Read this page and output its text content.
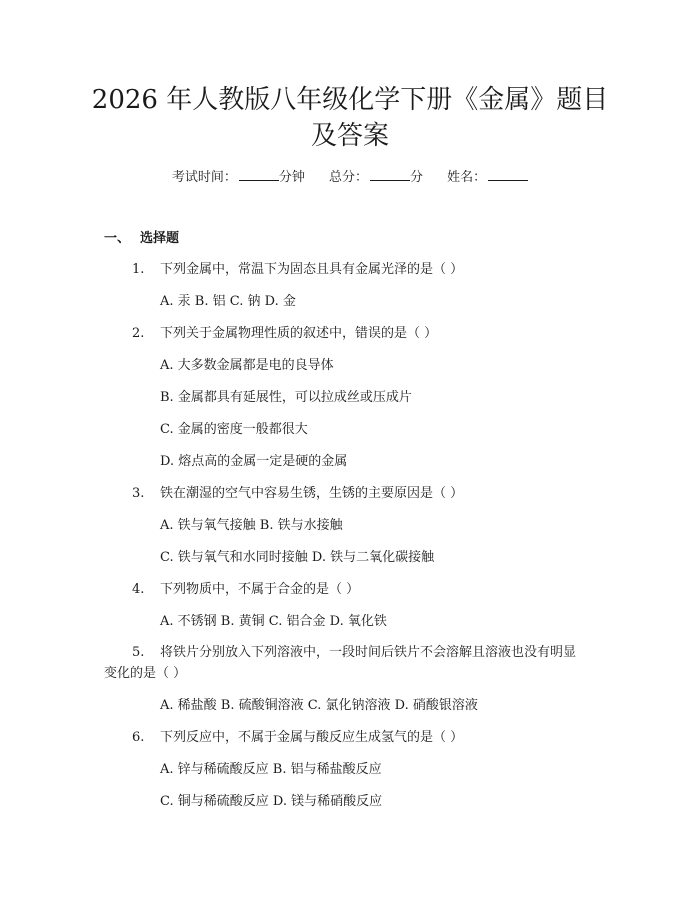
2026 年人教版八年级化学下册《金属》题目
及答案
考试时间：	分钟 总分：	分 姓名：
一、 选择题
1. 下列金属中，常温下为固态且具有金属光泽的是（ ）
A. 汞 B. 铝 C. 钠 D. 金
2. 下列关于金属物理性质的叙述中，错误的是（ ）
A. 大多数金属都是电的良导体
B. 金属都具有延展性，可以拉成丝或压成片
C. 金属的密度一般都很大
D. 熔点高的金属一定是硬的金属
3. 铁在潮湿的空气中容易生锈，生锈的主要原因是（ ）
A. 铁与氧气接触 B. 铁与水接触
C. 铁与氧气和水同时接触 D. 铁与二氧化碳接触
4. 下列物质中，不属于合金的是（ ）
A. 不锈钢 B. 黄铜 C. 铝合金 D. 氧化铁
5. 将铁片分别放入下列溶液中，一段时间后铁片不会溶解且溶液也没有明显
变化的是（ ）
A. 稀盐酸 B. 硫酸铜溶液 C. 氯化钠溶液 D. 硝酸银溶液
6. 下列反应中，不属于金属与酸反应生成氢气的是（ ）
A. 锌与稀硫酸反应 B. 铝与稀盐酸反应
C. 铜与稀硫酸反应 D. 镁与稀硝酸反应
